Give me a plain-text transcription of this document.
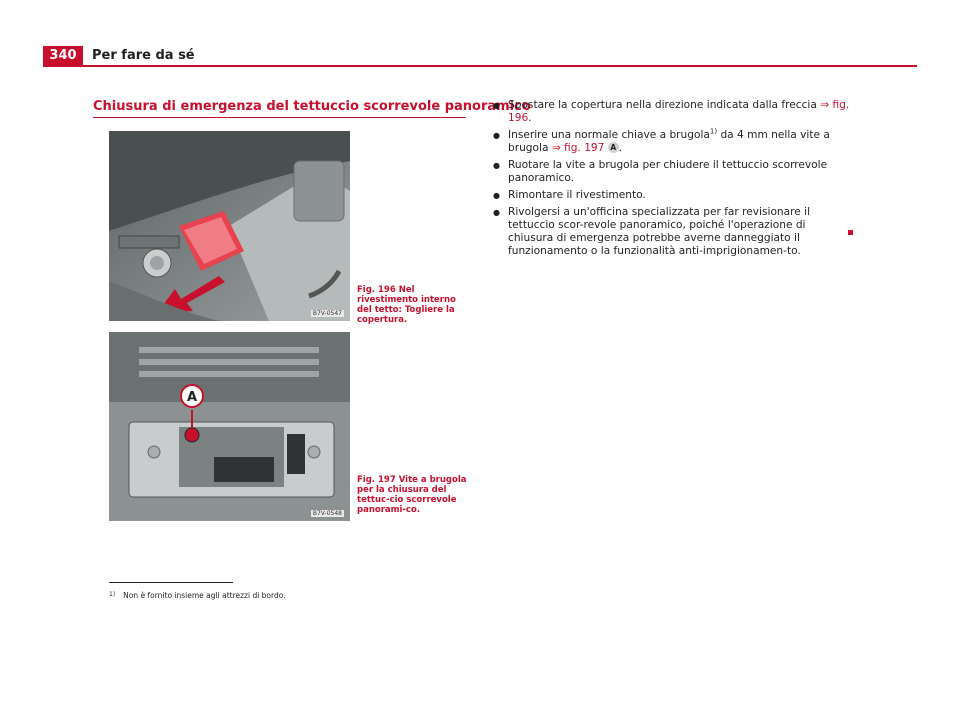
340	Per fare da sé
Chiusura di emergenza del tettuccio scorrevole panoramico
B7V-0547
Fig. 196 Nel rivestimento interno del tetto: Togliere la copertura.
A
B7V-0548
Fig. 197 Vite a brugola per la chiusura del tettuc-cio scorrevole panorami-co.
● Spostare la copertura nella direzione indicata dalla freccia ⇒ fig. 196.
● Inserire una normale chiave a brugola$^{1)}$ da 4 mm nella vite a brugola ⇒ fig. 197 A .
● Ruotare la vite a brugola per chiudere il tettuccio scorrevole panoramico.
● Rimontare il rivestimento.
● Rivolgersi a un'officina specializzata per far revisionare il tettuccio scor-revole panoramico, poiché l'operazione di chiusura di emergenza potrebbe averne danneggiato il funzionamento o la funzionalità anti-imprigionamen-to.
$^{1)}$ Non è fornito insieme agli attrezzi di bordo.
